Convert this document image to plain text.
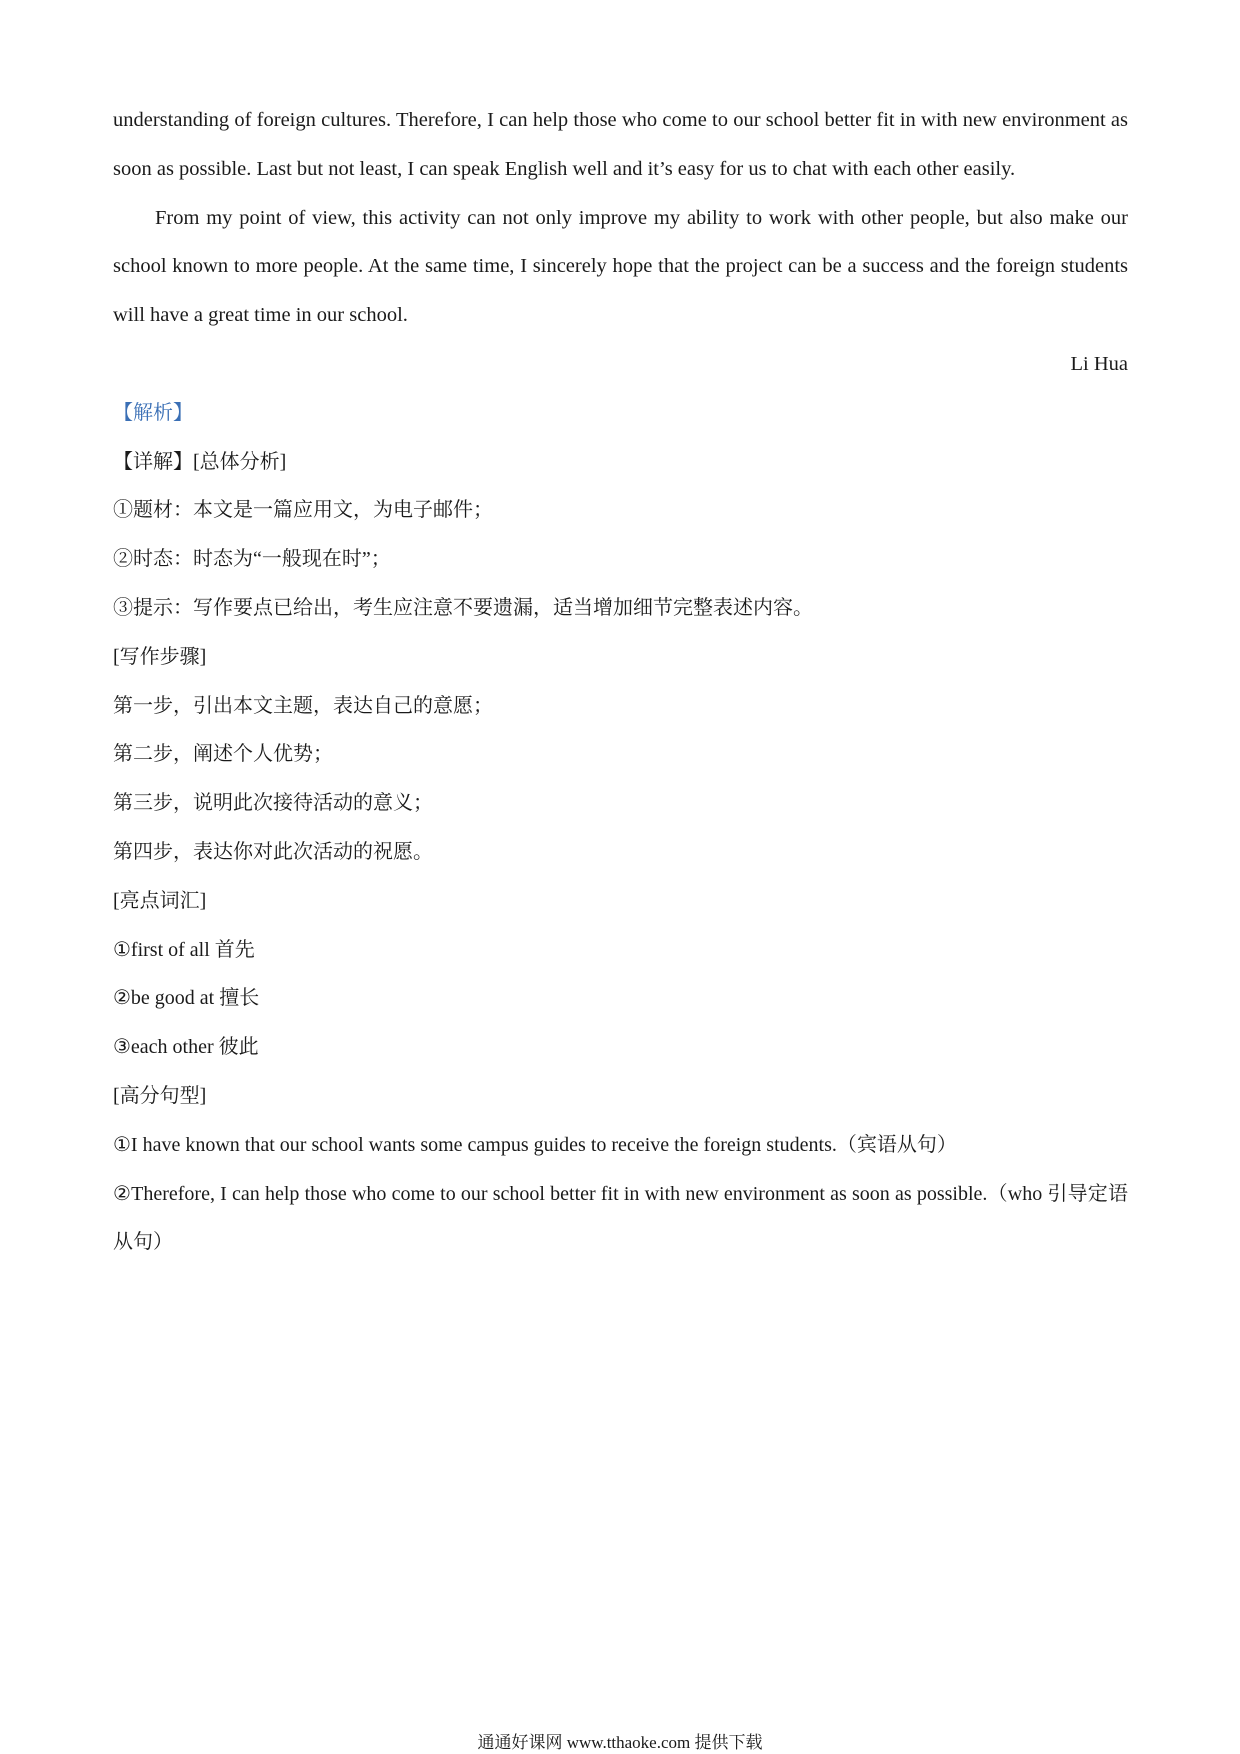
understanding of foreign cultures. Therefore, I can help those who come to our school better fit in with new environment as soon as possible. Last but not least, I can speak English well and it’s easy for us to chat with each other easily.

From my point of view, this activity can not only improve my ability to work with other people, but also make our school known to more people. At the same time, I sincerely hope that the project can be a success and the foreign students will have a great time in our school.

Li Hua

【解析】

【详解】[总体分析]

①题材：本文是一篇应用文，为电子邮件；

②时态：时态为“一般现在时”；

③提示：写作要点已给出，考生应注意不要遗漏，适当增加细节完整表述内容。

[写作步骤]

第一步，引出本文主题，表达自己的意愿；

第二步，阐述个人优势；

第三步，说明此次接待活动的意义；

第四步，表达你对此次活动的祝愿。

[亮点词汇]

①first of all 首先

②be good at 擅长

③each other 彼此

[高分句型]

①I have known that our school wants some campus guides to receive the foreign students.（宾语从句）

②Therefore, I can help those who come to our school better fit in with new environment as soon as possible.（who 引导定语从句）

通通好课网 www.tthaoke.com 提供下载
